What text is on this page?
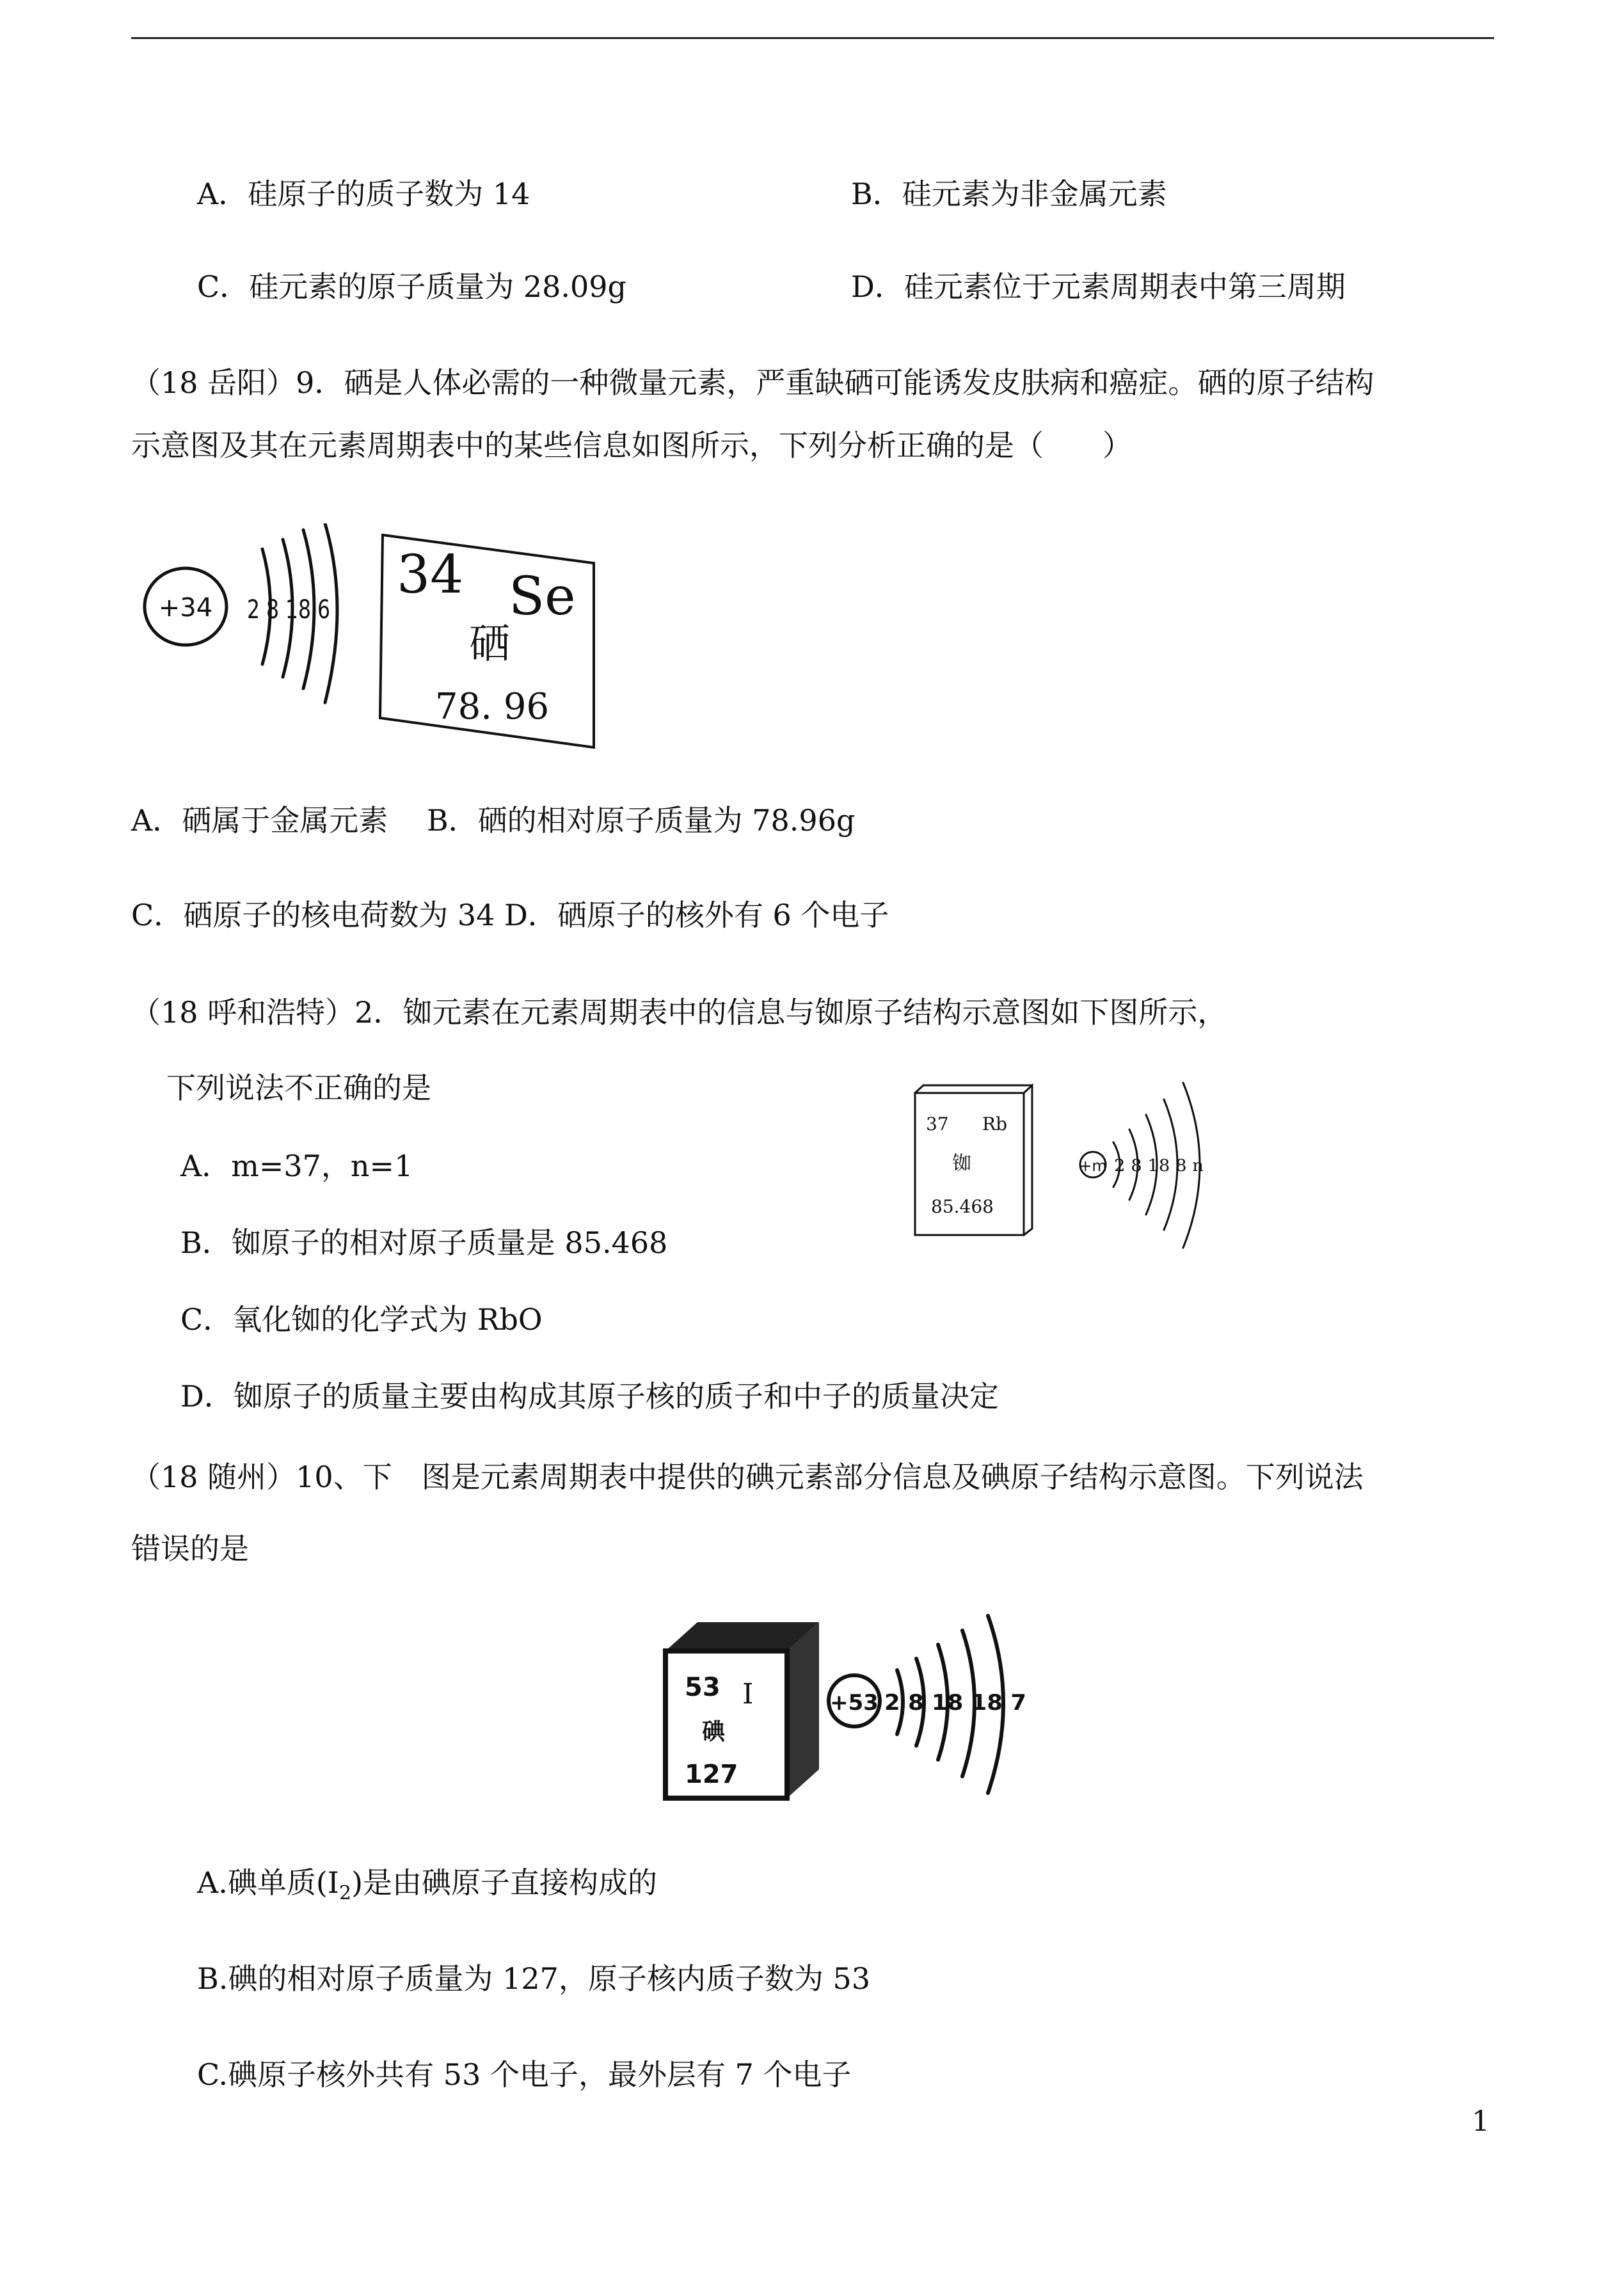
A．硅原子的质子数为 14	B．硅元素为非金属元素
C．硅元素的原子质量为 28.09g	D．硅元素位于元素周期表中第三周期
（18 岳阳）9．硒是人体必需的一种微量元素，严重缺硒可能诱发皮肤病和癌症。硒的原子结构
示意图及其在元素周期表中的某些信息如图所示，下列分析正确的是（　　）
+34 2 8 18 6
34 Se
硒
78. 96
A．硒属于金属元素　 B．硒的相对原子质量为 78.96g
C．硒原子的核电荷数为 34 D．硒原子的核外有 6 个电子
（18 呼和浩特）2．铷元素在元素周期表中的信息与铷原子结构示意图如下图所示，
下列说法不正确的是
A．m=37，n=1
B．铷原子的相对原子质量是 85.468
C．氧化铷的化学式为 RbO
D．铷原子的质量主要由构成其原子核的质子和中子的质量决定
37 Rb
铷
85.468
+m 2 8 18 8 n
（18 随州）10、下　图是元素周期表中提供的碘元素部分信息及碘原子结构示意图。下列说法
错误的是
53 I
碘
127
+53 2 8 18 18 7
A.碘单质$(I_2)$是由碘原子直接构成的
B.碘的相对原子质量为 127，原子核内质子数为 53
C.碘原子核外共有 53 个电子，最外层有 7 个电子
1
